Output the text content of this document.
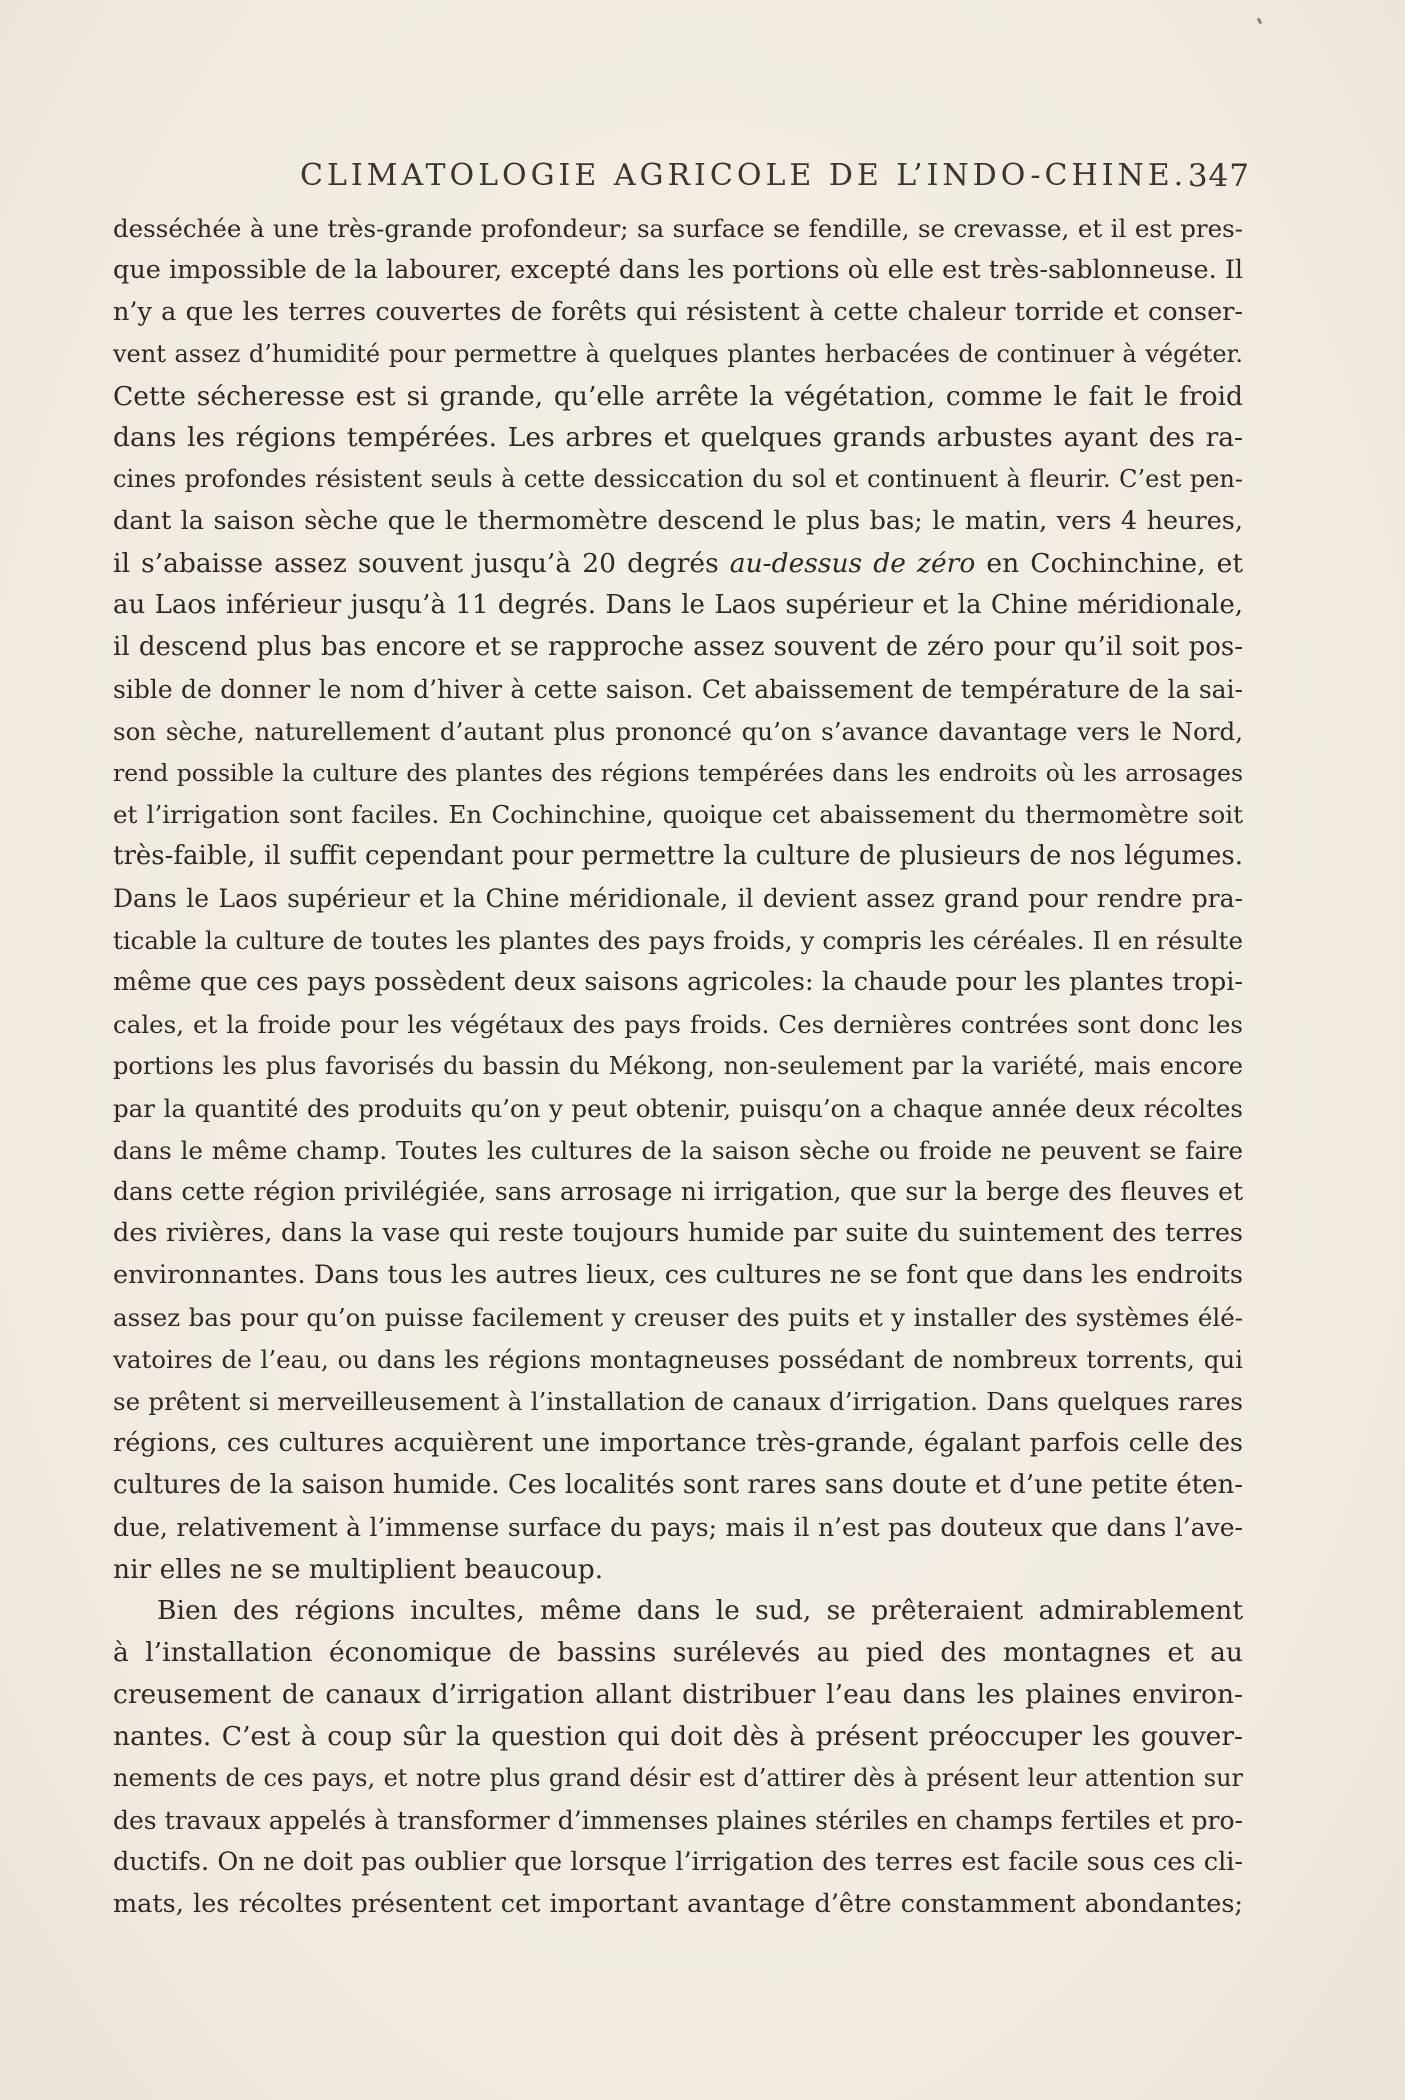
CLIMATOLOGIE AGRICOLE DE L’INDO-CHINE. 347
desséchée à une très-grande profondeur; sa surface se fendille, se crevasse, et il est pres-
que impossible de la labourer, excepté dans les portions où elle est très-sablonneuse. Il
n’y a que les terres couvertes de forêts qui résistent à cette chaleur torride et conser-
vent assez d’humidité pour permettre à quelques plantes herbacées de continuer à végéter.
Cette sécheresse est si grande, qu’elle arrête la végétation, comme le fait le froid
dans les régions tempérées. Les arbres et quelques grands arbustes ayant des ra-
cines profondes résistent seuls à cette dessiccation du sol et continuent à fleurir. C’est pen-
dant la saison sèche que le thermomètre descend le plus bas; le matin, vers 4 heures,
il s’abaisse assez souvent jusqu’à 20 degrés au-dessus de zéro en Cochinchine, et
au Laos inférieur jusqu’à 11 degrés. Dans le Laos supérieur et la Chine méridionale,
il descend plus bas encore et se rapproche assez souvent de zéro pour qu’il soit pos-
sible de donner le nom d’hiver à cette saison. Cet abaissement de température de la sai-
son sèche, naturellement d’autant plus prononcé qu’on s’avance davantage vers le Nord,
rend possible la culture des plantes des régions tempérées dans les endroits où les arrosages
et l’irrigation sont faciles. En Cochinchine, quoique cet abaissement du thermomètre soit
très-faible, il suffit cependant pour permettre la culture de plusieurs de nos légumes.
Dans le Laos supérieur et la Chine méridionale, il devient assez grand pour rendre pra-
ticable la culture de toutes les plantes des pays froids, y compris les céréales. Il en résulte
même que ces pays possèdent deux saisons agricoles: la chaude pour les plantes tropi-
cales, et la froide pour les végétaux des pays froids. Ces dernières contrées sont donc les
portions les plus favorisés du bassin du Mékong, non-seulement par la variété, mais encore
par la quantité des produits qu’on y peut obtenir, puisqu’on a chaque année deux récoltes
dans le même champ. Toutes les cultures de la saison sèche ou froide ne peuvent se faire
dans cette région privilégiée, sans arrosage ni irrigation, que sur la berge des fleuves et
des rivières, dans la vase qui reste toujours humide par suite du suintement des terres
environnantes. Dans tous les autres lieux, ces cultures ne se font que dans les endroits
assez bas pour qu’on puisse facilement y creuser des puits et y installer des systèmes élé-
vatoires de l’eau, ou dans les régions montagneuses possédant de nombreux torrents, qui
se prêtent si merveilleusement à l’installation de canaux d’irrigation. Dans quelques rares
régions, ces cultures acquièrent une importance très-grande, égalant parfois celle des
cultures de la saison humide. Ces localités sont rares sans doute et d’une petite éten-
due, relativement à l’immense surface du pays; mais il n’est pas douteux que dans l’ave-
nir elles ne se multiplient beaucoup.
Bien des régions incultes, même dans le sud, se prêteraient admirablement
à l’installation économique de bassins surélevés au pied des montagnes et au
creusement de canaux d’irrigation allant distribuer l’eau dans les plaines environ-
nantes. C’est à coup sûr la question qui doit dès à présent préoccuper les gouver-
nements de ces pays, et notre plus grand désir est d’attirer dès à présent leur attention sur
des travaux appelés à transformer d’immenses plaines stériles en champs fertiles et pro-
ductifs. On ne doit pas oublier que lorsque l’irrigation des terres est facile sous ces cli-
mats, les récoltes présentent cet important avantage d’être constamment abondantes;
